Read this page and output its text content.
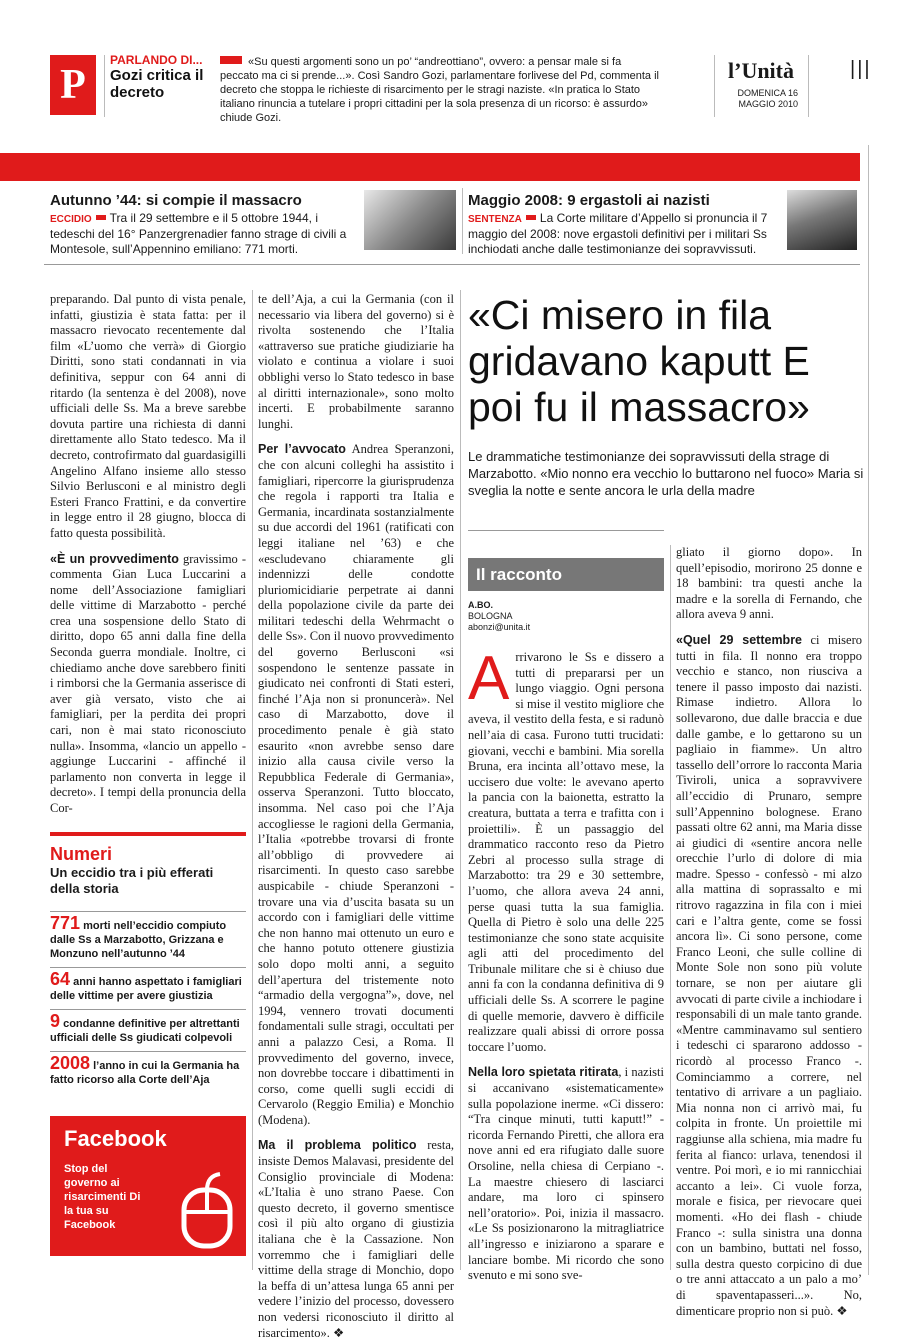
P
PARLANDO DI...
Gozi critica il decreto
«Su questi argomenti sono un po’ “andreottiano”, ovvero: a pensar male si fa peccato ma ci si prende...». Così Sandro Gozi, parlamentare forlivese del Pd, commenta il decreto che stoppa le richieste di risarcimento per le stragi naziste. «In pratica lo Stato italiano rinuncia a tutelare i propri cittadini per la sola presenza di un ricorso: è assurdo» chiude Gozi.
l’Unità
DOMENICA 16 MAGGIO 2010
|||
Autunno ’44: si compie il massacro
ECCIDIO Tra il 29 settembre e il 5 ottobre 1944, i tedeschi del 16° Panzergrenadier fanno strage di civili a Montesole, sull’Appennino emiliano: 771 morti.
Maggio 2008: 9 ergastoli ai nazisti
SENTENZA La Corte militare d’Appello si pronuncia il 7 maggio del 2008: nove ergastoli definitivi per i militari Ss inchiodati anche dalle testimonianze dei sopravvissuti.

preparando. Dal punto di vista penale, infatti, giustizia è stata fatta: per il massacro rievocato recentemente dal film «L’uomo che verrà» di Giorgio Diritti, sono stati condannati in via definitiva, seppur con 64 anni di ritardo (la sentenza è del 2008), nove ufficiali delle Ss. Ma a breve sarebbe dovuta partire una richiesta di danni direttamente allo Stato tedesco. Ma il decreto, controfirmato dal guardasigilli Angelino Alfano insieme allo stesso Silvio Berlusconi e al ministro degli Esteri Franco Frattini, e da convertire in legge entro il 28 giugno, blocca di fatto questa possibilità.

«È un provvedimento gravissimo - commenta Gian Luca Luccarini a nome dell’Associazione famigliari delle vittime di Marzabotto - perché crea una sospensione dello Stato di diritto, dopo 65 anni dalla fine della Seconda guerra mondiale. Inoltre, ci chiediamo anche dove sarebbero finiti i rimborsi che la Germania asserisce di aver già versato, visto che ai famigliari, per la perdita dei propri cari, non è mai stato riconosciuto nulla». Insomma, «lancio un appello - aggiunge Luccarini - affinché il parlamento non converta in legge il decreto». I tempi della pronuncia della Cor-

Numeri
Un eccidio tra i più efferati della storia
771 morti nell’eccidio compiuto dalle Ss a Marzabotto, Grizzana e Monzuno nell’autunno ’44
64 anni hanno aspettato i famigliari delle vittime per avere giustizia
9 condanne definitive per altrettanti ufficiali delle Ss giudicati colpevoli
2008 l’anno in cui la Germania ha fatto ricorso alla Corte dell’Aja
Facebook
Stop del governo ai risarcimenti Di la tua su Facebook

te dell’Aja, a cui la Germania (con il necessario via libera del governo) si è rivolta sostenendo che l’Italia «attraverso sue pratiche giudiziarie ha violato e continua a violare i suoi obblighi verso lo Stato tedesco in base al diritti internazionale», sono molto incerti. E probabilmente saranno lunghi.

Per l’avvocato Andrea Speranzoni, che con alcuni colleghi ha assistito i famigliari, ripercorre la giurisprudenza che regola i rapporti tra Italia e Germania, incardinata sostanzialmente su due accordi del 1961 (ratificati con leggi italiane nel ’63) e che «escludevano chiaramente gli indennizzi delle condotte pluriomicidiarie perpetrate ai danni della popolazione civile da parte dei militari tedeschi della Wehrmacht o delle Ss». Con il nuovo provvedimento del governo Berlusconi «si sospendono le sentenze passate in giudicato nei confronti di Stati esteri, finché l’Aja non si pronuncerà». Nel caso di Marzabotto, dove il procedimento penale è già stato esaurito «non avrebbe senso dare inizio alla causa civile verso la Repubblica Federale di Germania», osserva Speranzoni. Tutto bloccato, insomma. Nel caso poi che l’Aja accogliesse le ragioni della Germania, l’Italia «potrebbe trovarsi di fronte all’obbligo di provvedere ai risarcimenti. In questo caso sarebbe auspicabile - chiude Speranzoni - trovare una via d’uscita basata su un accordo con i famigliari delle vittime che non hanno mai ottenuto un euro e che hanno potuto ottenere giustizia solo dopo molti anni, a seguito dell’apertura del tristemente noto “armadio della vergogna”», dove, nel 1994, vennero trovati documenti fondamentali sulle stragi, occultati per anni a palazzo Cesi, a Roma. Il provvedimento del governo, invece, non dovrebbe toccare i dibattimenti in corso, come quelli sugli eccidi di Cervarolo (Reggio Emilia) e Monchio (Modena).

Ma il problema politico resta, insiste Demos Malavasi, presidente del Consiglio provinciale di Modena: «L’Italia è uno strano Paese. Con questo decreto, il governo smentisce così il più alto organo di giustizia italiana che è la Cassazione. Non vorremmo che i famigliari delle vittime della strage di Monchio, dopo la beffa di un’attesa lunga 65 anni per vedere l’inizio del processo, dovessero non vedersi riconosciuto il diritto al risarcimento». ❖

«Ci misero in fila gridavano kaputt E poi fu il massacro»
Le drammatiche testimonianze dei sopravvissuti della strage di Marzabotto. «Mio nonno era vecchio lo buttarono nel fuoco» Maria si sveglia la notte e sente ancora le urla della madre
Il racconto
A.BO.
BOLOGNA
abonzi@unita.it

Arrivarono le Ss e dissero a tutti di prepararsi per un lungo viaggio. Ogni persona si mise il vestito migliore che aveva, il vestito della festa, e si radunò nell’aia di casa. Furono tutti trucidati: giovani, vecchi e bambini. Mia sorella Bruna, era incinta all’ottavo mese, la uccisero due volte: le avevano aperto la pancia con la baionetta, estratto la creatura, buttata a terra e trafitta con i proiettili». È un passaggio del drammatico racconto reso da Pietro Zebri al processo sulla strage di Marzabotto: tra 29 e 30 settembre, l’uomo, che allora aveva 24 anni, perse quasi tutta la sua famiglia. Quella di Pietro è solo una delle 225 testimonianze che sono state acquisite agli atti del procedimento del Tribunale militare che si è chiuso due anni fa con la condanna definitiva di 9 ufficiali delle Ss. A scorrere le pagine di quelle memorie, davvero è difficile realizzare quali abissi di orrore possa toccare l’uomo.

Nella loro spietata ritirata, i nazisti si accanivano «sistematicamente» sulla popolazione inerme. «Ci dissero: “Tra cinque minuti, tutti kaputt!” - ricorda Fernando Piretti, che allora era nove anni ed era rifugiato dalle suore Orsoline, nella chiesa di Cerpiano -. La maestre chiesero di lasciarci andare, ma loro ci spinsero nell’oratorio». Poi, inizia il massacro. «Le Ss posizionarono la mitragliatrice all’ingresso e iniziarono a sparare e lanciare bombe. Mi ricordo che sono svenuto e mi sono sve-

gliato il giorno dopo». In quell’episodio, morirono 25 donne e 18 bambini: tra questi anche la madre e la sorella di Fernando, che allora aveva 9 anni.

«Quel 29 settembre ci misero tutti in fila. Il nonno era troppo vecchio e stanco, non riusciva a tenere il passo imposto dai nazisti. Rimase indietro. Allora lo sollevarono, due dalle braccia e due dalle gambe, e lo gettarono su un pagliaio in fiamme». Un altro tassello dell’orrore lo racconta Maria Tiviroli, unica a sopravvivere all’eccidio di Prunaro, sempre sull’Appennino bolognese. Erano passati oltre 62 anni, ma Maria disse ai giudici di «sentire ancora nelle orecchie l’urlo di dolore di mia madre. Spesso - confessò - mi alzo alla mattina di soprassalto e mi ritrovo ragazzina in fila con i miei cari e l’altra gente, come se fossi ancora lì». Ci sono persone, come Franco Leoni, che sulle colline di Monte Sole non sono più volute tornare, se non per aiutare gli avvocati di parte civile a inchiodare i responsabili di un male tanto grande. «Mentre camminavamo sul sentiero i tedeschi ci spararono addosso - ricordò al processo Franco -. Cominciammo a correre, nel tentativo di arrivare a un pagliaio. Mia nonna non ci arrivò mai, fu colpita in fronte. Un proiettile mi raggiunse alla schiena, mia madre fu ferita al fianco: urlava, tenendosi il ventre. Poi morì, e io mi rannicchiai accanto a lei». Ci vuole forza, morale e fisica, per rievocare quei momenti. «Ho dei flash - chiude Franco -: sulla sinistra una donna con un bambino, buttati nel fosso, sulla destra questo corpicino di due o tre anni attaccato a un palo a mo’ di spaventapasseri...». No, dimenticare proprio non si può. ❖
